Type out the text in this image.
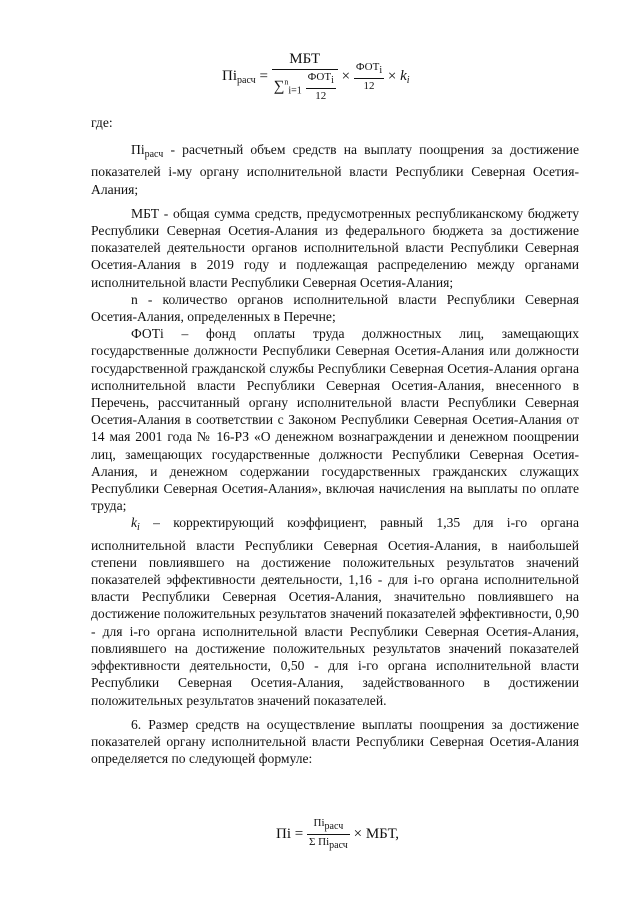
$Пi_{расч} = \frac{\text{МБТ}}{\sum^n_{i=1} \frac{\text{ФОТi}}{12}} \times \frac{\text{ФОТi}}{12} \times k_i$

где:

$Пi_{расч}$ - расчетный объем средств на выплату поощрения за достижение показателей i-му органу исполнительной власти Республики Северная Осетия-Алания;

МБТ - общая сумма средств, предусмотренных республиканскому бюджету Республики Северная Осетия-Алания из федерального бюджета за достижение показателей деятельности органов исполнительной власти Республики Северная Осетия-Алания в 2019 году и подлежащая распределению между органами исполнительной власти Республики Северная Осетия-Алания;

n - количество органов исполнительной власти Республики Северная Осетия-Алания, определенных в Перечне;

ФОТi – фонд оплаты труда должностных лиц, замещающих государственные должности Республики Северная Осетия-Алания или должности государственной гражданской службы Республики Северная Осетия-Алания органа исполнительной власти Республики Северная Осетия-Алания, внесенного в Перечень, рассчитанный органу исполнительной власти Республики Северная Осетия-Алания в соответствии с Законом Республики Северная Осетия-Алания от 14 мая 2001 года № 16-РЗ «О денежном вознаграждении и денежном поощрении лиц, замещающих государственные должности Республики Северная Осетия-Алания, и денежном содержании государственных гражданских служащих Республики Северная Осетия-Алания», включая начисления на выплаты по оплате труда;

$k_i$ – корректирующий коэффициент, равный 1,35 для i-го органа исполнительной власти Республики Северная Осетия-Алания, в наибольшей степени повлиявшего на достижение положительных результатов значений показателей эффективности деятельности, 1,16 - для i-го органа исполнительной власти Республики Северная Осетия-Алания, значительно повлиявшего на достижение положительных результатов значений показателей эффективности, 0,90 - для i-го органа исполнительной власти Республики Северная Осетия-Алания, повлиявшего на достижение положительных результатов значений показателей эффективности деятельности, 0,50 - для i-го органа исполнительной власти Республики Северная Осетия-Алания, задействованного в достижении положительных результатов значений показателей.

6. Размер средств на осуществление выплаты поощрения за достижение показателей органу исполнительной власти Республики Северная Осетия-Алания определяется по следующей формуле:

Пi = $\frac{\text{Пiрасч}}{\text{Σ Пiрасч}}$ × МБТ,
